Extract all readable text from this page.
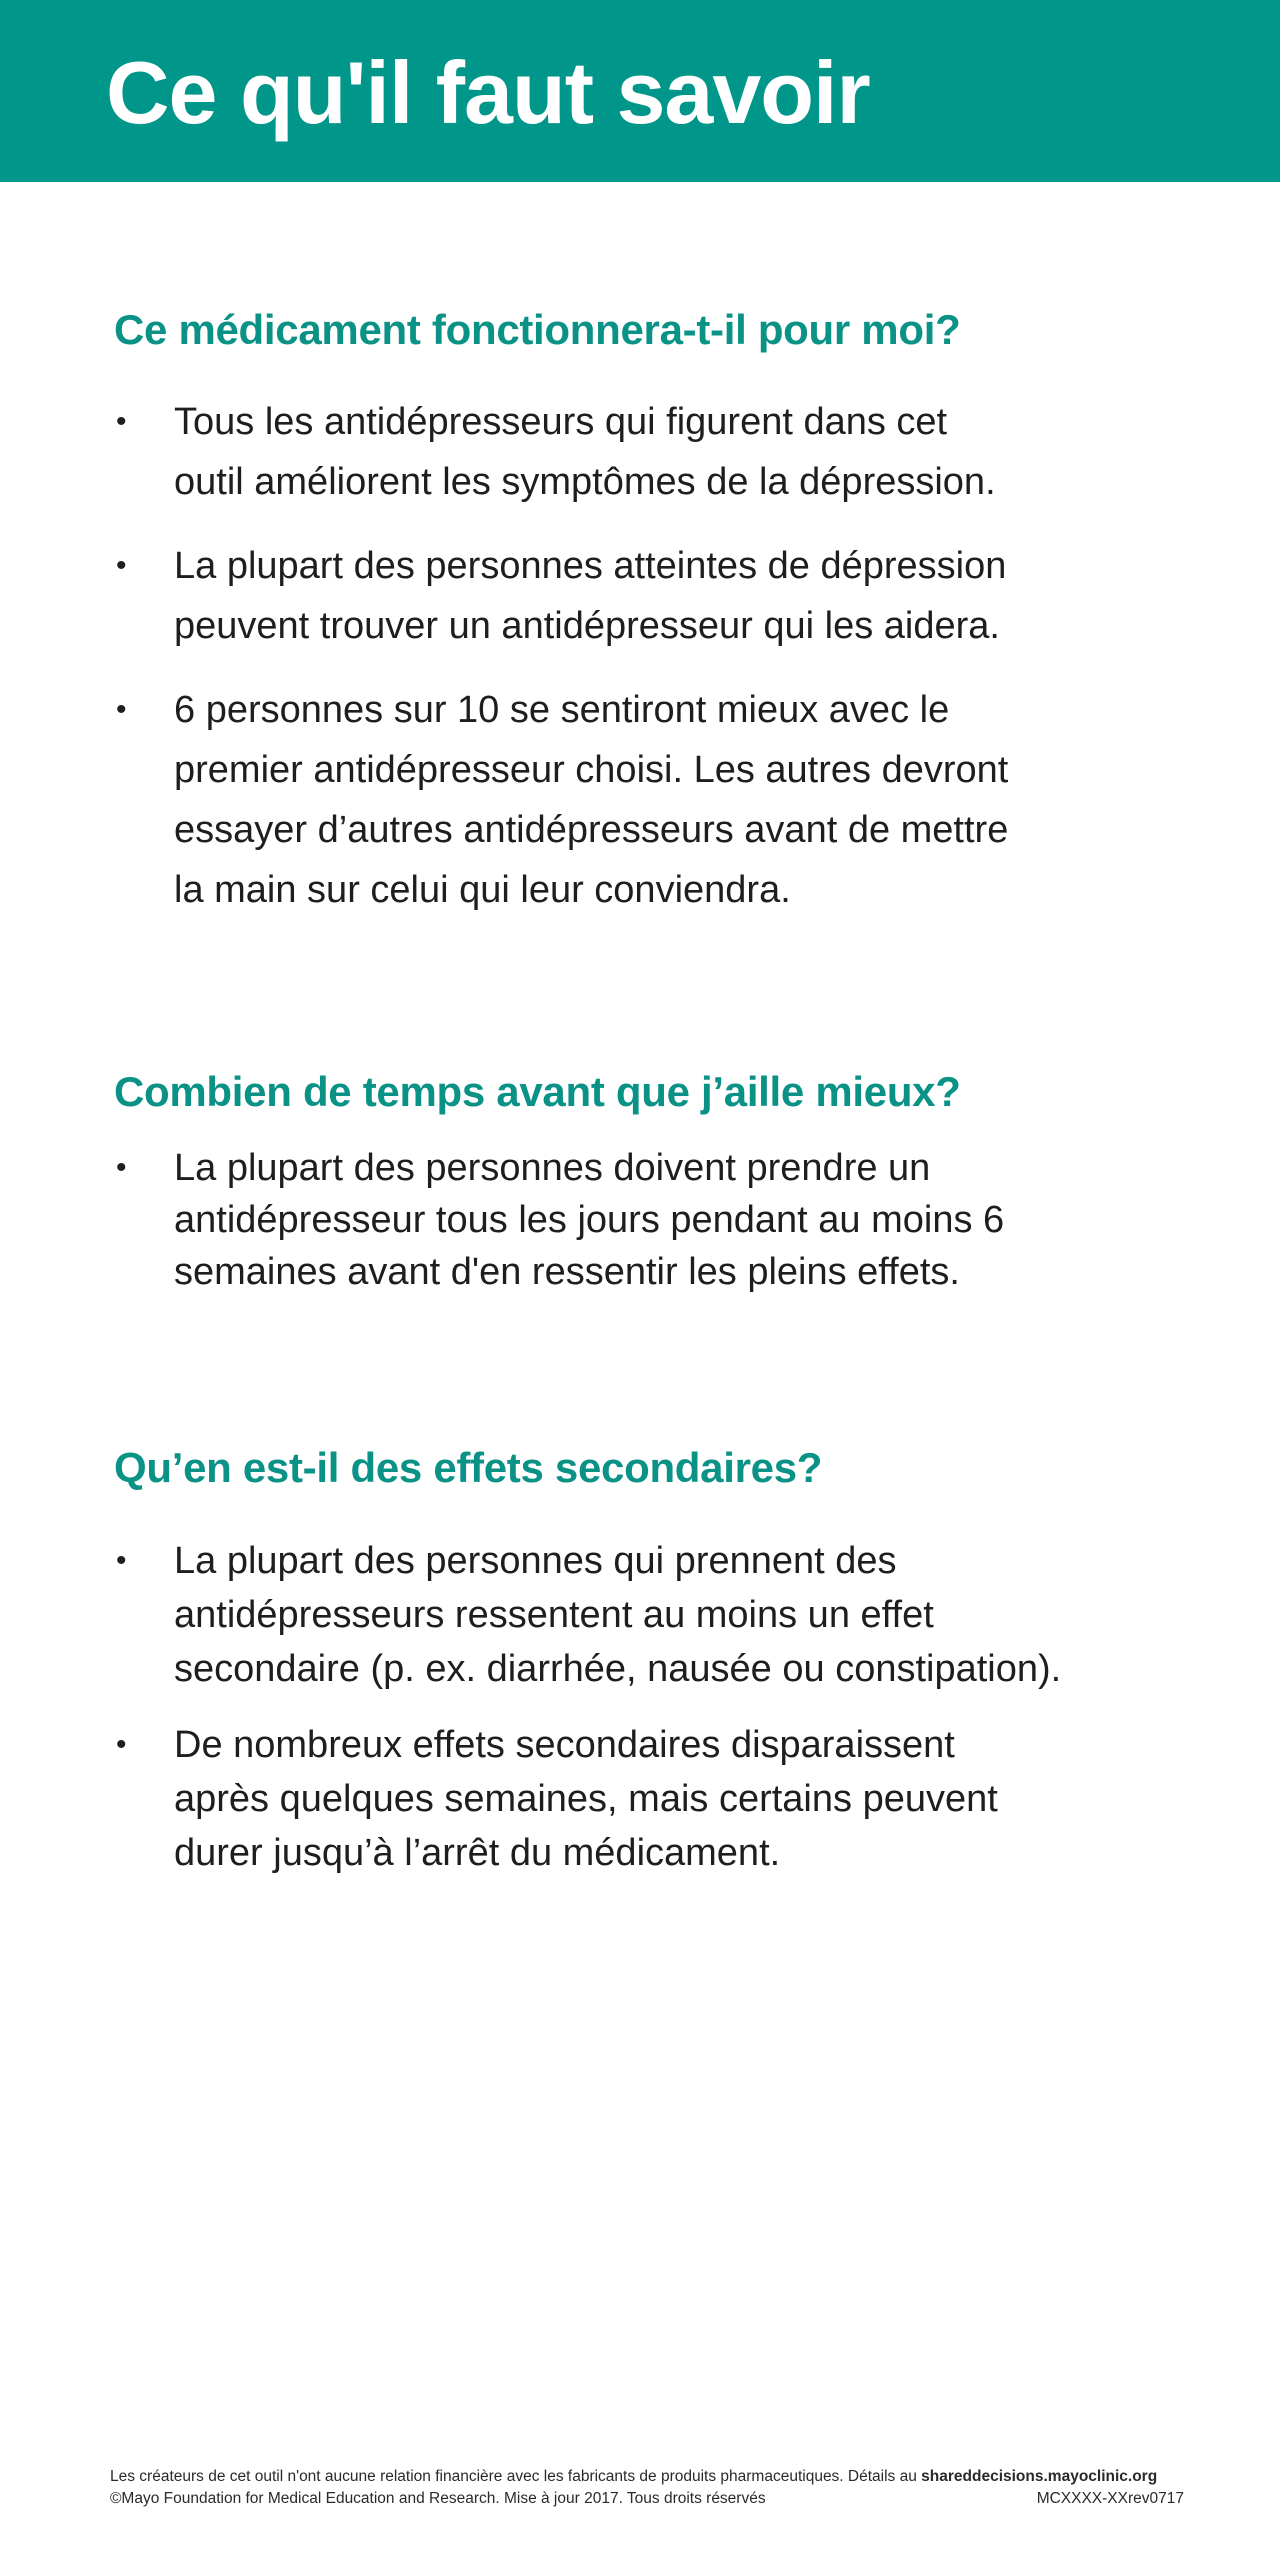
Ce qu'il faut savoir
Ce médicament fonctionnera-t-il pour moi?
• Tous les antidépresseurs qui figurent dans cet
outil améliorent les symptômes de la dépression.
• La plupart des personnes atteintes de dépression
peuvent trouver un antidépresseur qui les aidera.
• 6 personnes sur 10 se sentiront mieux avec le
premier antidépresseur choisi. Les autres devront
essayer d’autres antidépresseurs avant de mettre
la main sur celui qui leur conviendra.
Combien de temps avant que j’aille mieux?
• La plupart des personnes doivent prendre un
antidépresseur tous les jours pendant au moins 6
semaines avant d'en ressentir les pleins effets.
Qu’en est-il des effets secondaires?
• La plupart des personnes qui prennent des
antidépresseurs ressentent au moins un effet
secondaire (p. ex. diarrhée, nausée ou constipation).
• De nombreux effets secondaires disparaissent
après quelques semaines, mais certains peuvent
durer jusqu’à l’arrêt du médicament.
Les créateurs de cet outil n'ont aucune relation financière avec les fabricants de produits pharmaceutiques. Détails au shareddecisions.mayoclinic.org
©Mayo Foundation for Medical Education and Research. Mise à jour 2017. Tous droits réservés	MCXXXX-XXrev0717
